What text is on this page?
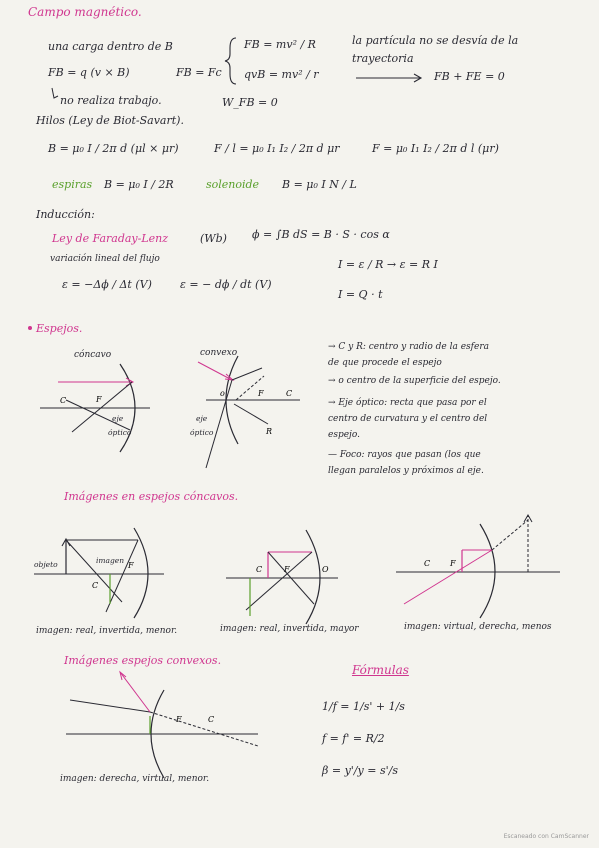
Campo magnético.
una carga dentro de B
FB = q (v × B)	FB = Fc
FB = mv² / R
qvB = mv² / r
no realiza trabajo.	W_FB = 0
la partícula no se desvía de la
trayectoria
FB + FE = 0
Hilos (Ley de Biot-Savart).
B = μ₀ I / 2π d (μl × μr)	F / l = μ₀ I₁ I₂ / 2π d μr	F = μ₀ I₁ I₂ / 2π d l (μr)
espiras B = μ₀ I / 2R	solenoide B = μ₀ I N / L
Inducción:
Ley de Faraday-Lenz	(Wb) ϕ = ∫B dS = B · S · cos α
variación lineal del flujo
ε = −Δϕ / Δt (V)	ε = − dϕ / dt (V)
I = ε / R → ε = R I
I = Q · t
Espejos.
cóncavo	convexo
eje
óptico
eje
óptico
→ C y R: centro y radio de la esfera
de que procede el espejo
→ o centro de la superficie del espejo.
→ Eje óptico: recta que pasa por el
centro de curvatura y el centro del
espejo.
— Foco: rayos que pasan (los que
llegan paralelos y próximos al eje.
C	F
o	F	C
R
Imágenes en espejos cóncavos.
objeto	imagen
imagen: real, invertida, menor.	imagen: real, invertida, mayor	imagen: virtual, derecha, menos
C
F	C	F	O
C F
Imágenes espejos convexos.
imagen: derecha, virtual, menor.
F	C
Fórmulas
1/f = 1/s' + 1/s
f = f' = R/2
β = y'/y = s'/s
Escaneado con CamScanner
